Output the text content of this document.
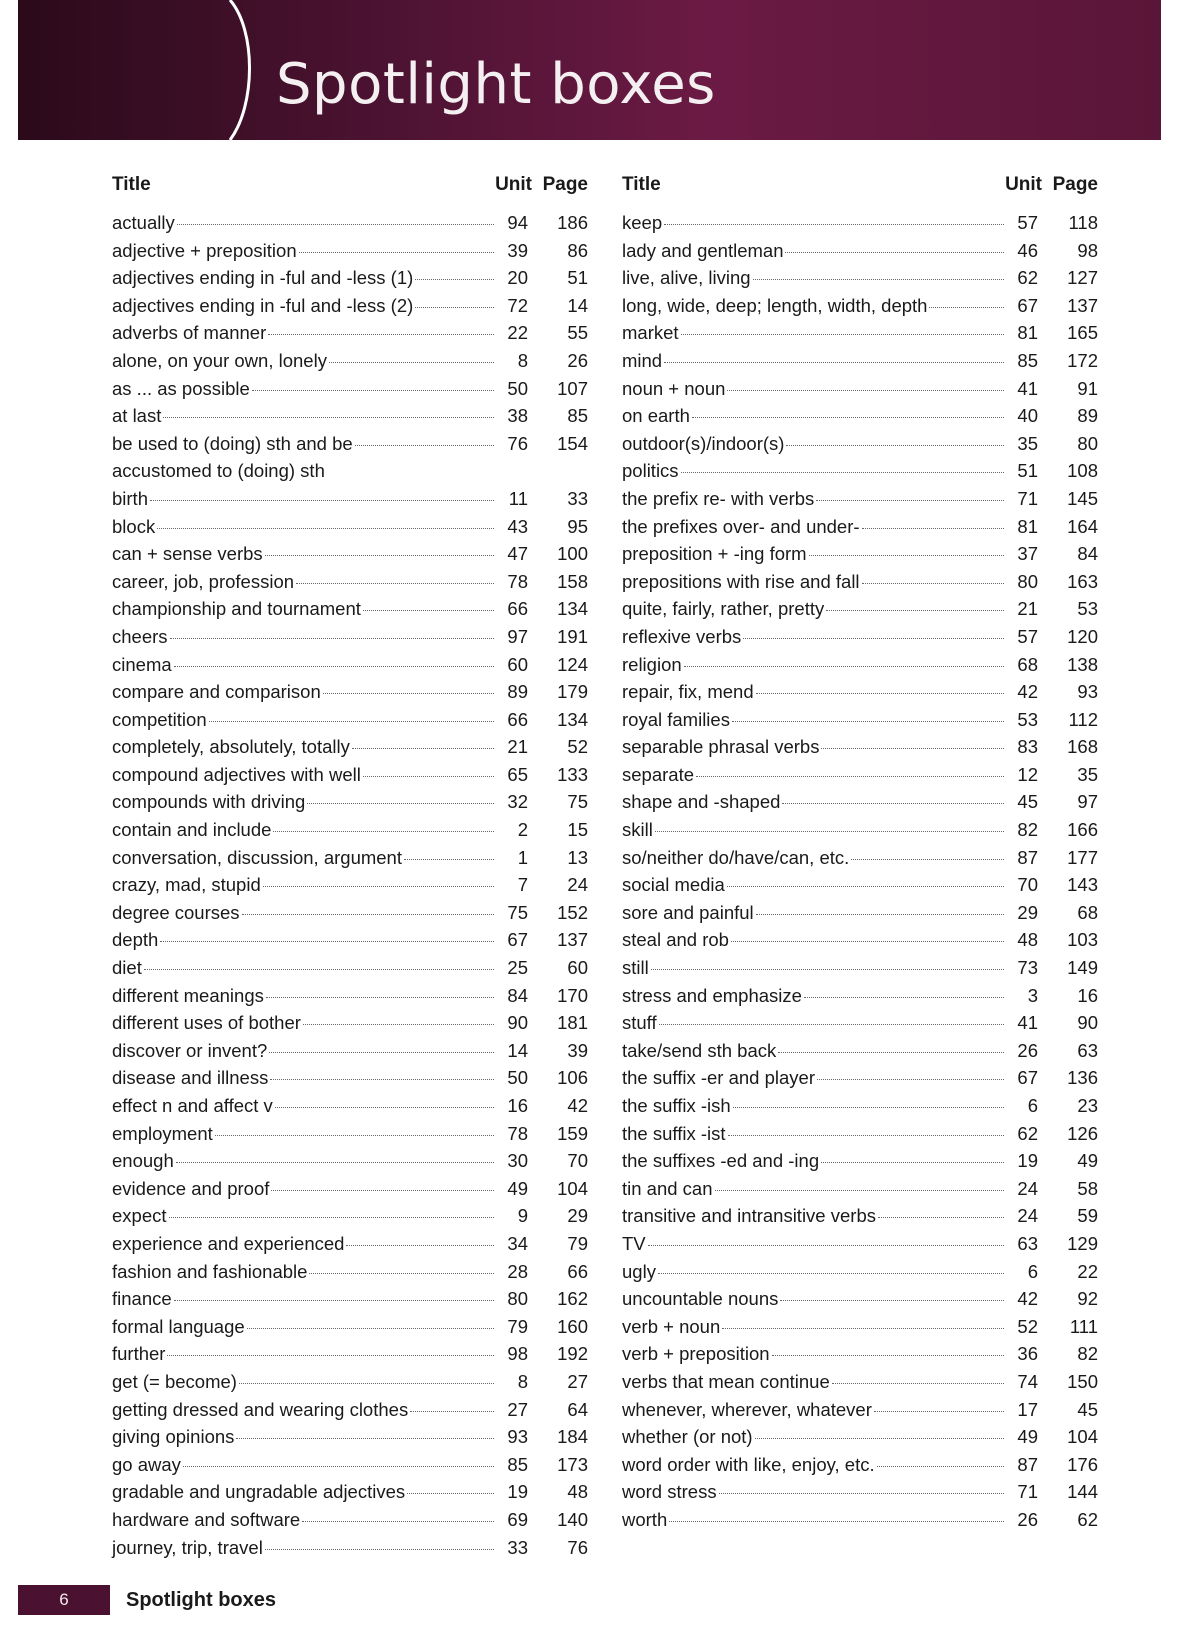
Spotlight boxes
Title	Unit Page
actually	94	186
adjective + preposition	39	86
adjectives ending in -ful and -less (1)	20	51
adjectives ending in -ful and -less (2)	72	14
adverbs of manner	22	55
alone, on your own, lonely	8	26
as ... as possible	50	107
at last	38	85
be used to (doing) sth and be	76	154
accustomed to (doing) sth
birth	11	33
block	43	95
can + sense verbs	47	100
career, job, profession	78	158
championship and tournament	66	134
cheers	97	191
cinema	60	124
compare and comparison	89	179
competition	66	134
completely, absolutely, totally	21	52
compound adjectives with well	65	133
compounds with driving	32	75
contain and include	2	15
conversation, discussion, argument	1	13
crazy, mad, stupid	7	24
degree courses	75	152
depth	67	137
diet	25	60
different meanings	84	170
different uses of bother	90	181
discover or invent?	14	39
disease and illness	50	106
effect n and affect v	16	42
employment	78	159
enough	30	70
evidence and proof	49	104
expect	9	29
experience and experienced	34	79
fashion and fashionable	28	66
finance	80	162
formal language	79	160
further	98	192
get (= become)	8	27
getting dressed and wearing clothes	27	64
giving opinions	93	184
go away	85	173
gradable and ungradable adjectives	19	48
hardware and software	69	140
journey, trip, travel	33	76
Title	Unit Page
keep	57	118
lady and gentleman	46	98
live, alive, living	62	127
long, wide, deep; length, width, depth	67	137
market	81	165
mind	85	172
noun + noun	41	91
on earth	40	89
outdoor(s)/indoor(s)	35	80
politics	51	108
the prefix re- with verbs	71	145
the prefixes over- and under-	81	164
preposition + -ing form	37	84
prepositions with rise and fall	80	163
quite, fairly, rather, pretty	21	53
reflexive verbs	57	120
religion	68	138
repair, fix, mend	42	93
royal families	53	112
separable phrasal verbs	83	168
separate	12	35
shape and -shaped	45	97
skill	82	166
so/neither do/have/can, etc.	87	177
social media	70	143
sore and painful	29	68
steal and rob	48	103
still	73	149
stress and emphasize	3	16
stuff	41	90
take/send sth back	26	63
the suffix -er and player	67	136
the suffix -ish	6	23
the suffix -ist	62	126
the suffixes -ed and -ing	19	49
tin and can	24	58
transitive and intransitive verbs	24	59
TV	63	129
ugly	6	22
uncountable nouns	42	92
verb + noun	52	111
verb + preposition	36	82
verbs that mean continue	74	150
whenever, wherever, whatever	17	45
whether (or not)	49	104
word order with like, enjoy, etc.	87	176
word stress	71	144
worth	26	62
6	Spotlight boxes
